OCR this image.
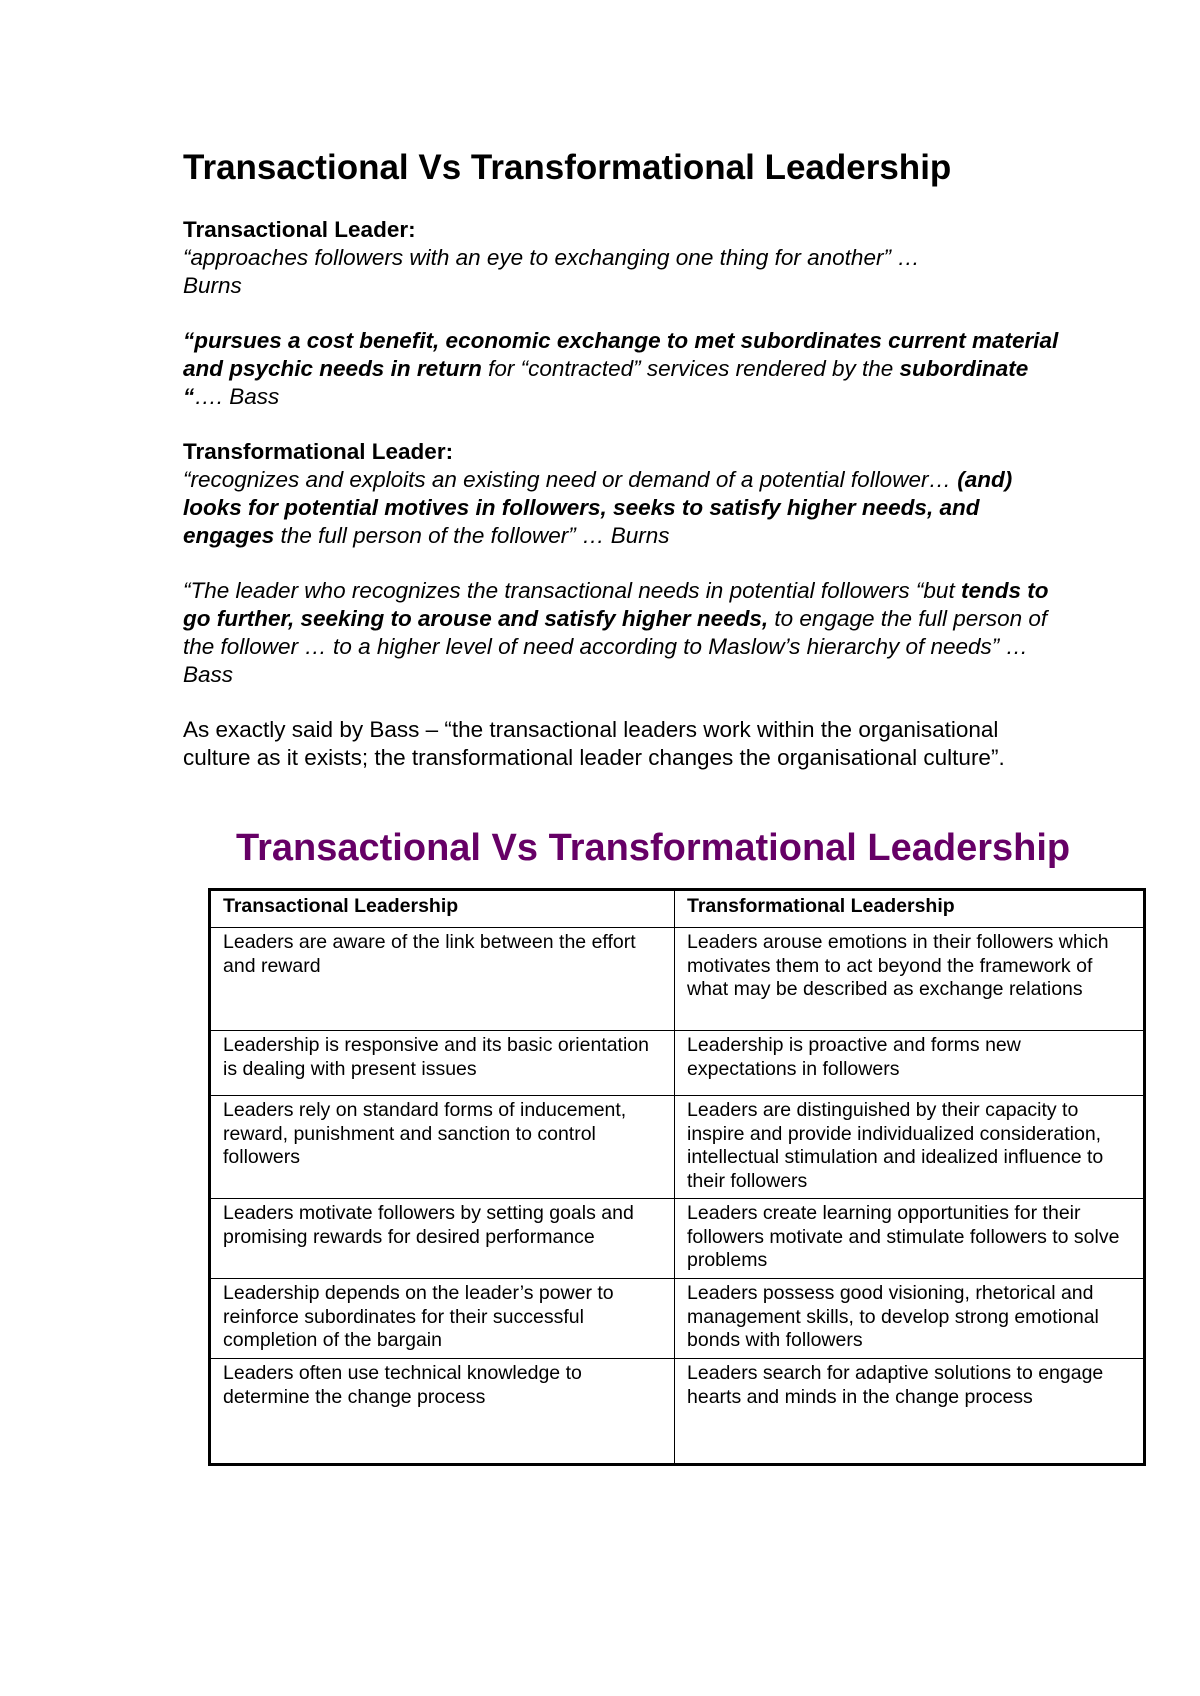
Transactional Vs Transformational Leadership
Transactional Leader:
“approaches followers with an eye to exchanging one thing for another” …
Burns
“pursues a cost benefit, economic exchange to met subordinates current material and psychic needs in return for “contracted” services rendered by the subordinate “…. Bass
Transformational Leader:
“recognizes and exploits an existing need or demand of a potential follower… (and) looks for potential motives in followers, seeks to satisfy higher needs, and engages the full person of the follower” … Burns
“The leader who recognizes the transactional needs in potential followers “but tends to go further, seeking to arouse and satisfy higher needs, to engage the full person of the follower … to a higher level of need according to Maslow’s hierarchy of needs” … Bass

As exactly said by Bass – “the transactional leaders work within the organisational culture as it exists; the transformational leader changes the organisational culture”.

Transactional Vs Transformational Leadership
Transactional Leadership	Transformational Leadership
Leaders are aware of the link between the effort and reward	Leaders arouse emotions in their followers which motivates them to act beyond the framework of what may be described as exchange relations
Leadership is responsive and its basic orientation is dealing with present issues	Leadership is proactive and forms new expectations in followers
Leaders rely on standard forms of inducement, reward, punishment and sanction to control followers	Leaders are distinguished by their capacity to inspire and provide individualized consideration, intellectual stimulation and idealized influence to their followers
Leaders motivate followers by setting goals and promising rewards for desired performance	Leaders create learning opportunities for their followers motivate and stimulate followers to solve problems
Leadership depends on the leader’s power to reinforce subordinates for their successful completion of the bargain	Leaders possess good visioning, rhetorical and management skills, to develop strong emotional bonds with followers
Leaders often use technical knowledge to determine the change process	Leaders search for adaptive solutions to engage hearts and minds in the change process
